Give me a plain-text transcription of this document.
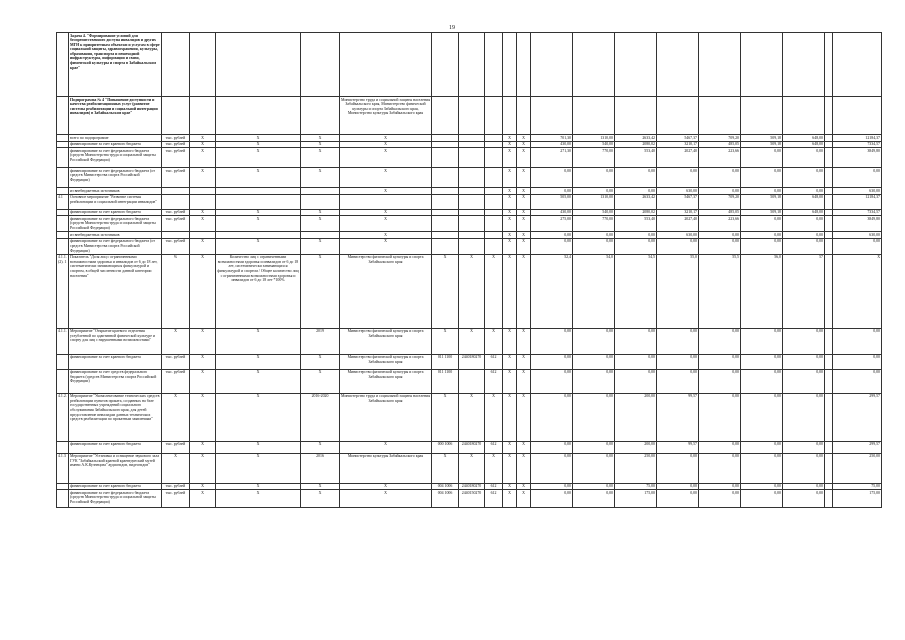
19
	Задача 4. "Формирование условий для беспрепятственного доступа инвалидов и других МГН к приоритетным объектам и услугам в сфере социальной защиты, здравоохранения, культуры, образования, транспорта и пешеходной инфраструктуры, информации и связи, физической культуры и спорта в Забайкальском крае"																			
	Подпрограмма № 4 "Повышение доступности и качества реабилитационных услуг (развитие системы реабилитации и социальной интеграции инвалидов) в Забайкальском крае"					Министерство труда и социальной защиты населения Забайкальского края, Министерство физической культуры и спорта Забайкальского края, Министерство культуры Забайкальского края														
	всего по подпрограмме	тыс. рублей	Х	Х	Х	Х				Х	Х	701,30	1310,00	2633,42	5467,37	709,20	509,18	648,00		12184,37
	финансирование за счет краевого бюджета	тыс. рублей	Х	Х	Х	Х				Х	Х	430,00	540,00	2080,02	3210,17	485,05	509,18	648,00		7334,57
	финансирование за счет федерального бюджета (средств Министерства труда и социальной защиты Российской Федерации)	тыс. рублей	Х	Х	Х	Х				Х	Х	271,30	770,00	553,40	2027,40	223,66	0,00	0,00		3849,80
	финансирование за счет федерального бюджета (от средств Министерства спорта Российской Федерации)	тыс. рублей	Х	Х	Х	Х				Х	Х	0,00	0,00	0,00	0,00	0,00	0,00	0,00		0,00
	из внебюджетных источников					Х				Х	Х	0,00	0,00	0,00	630,00	0,00	0,00	0,00		630,00
4.1	Основное мероприятие "Развитие системы реабилитации и социальной интеграции инвалидов"									Х	Х	505,00	1310,00	2633,42	5467,37	709,20	509,18	648,00		12184,37
	финансирование за счет краевого бюджета	тыс. рублей	Х	Х	Х	Х				Х	Х	430,00	540,00	2080,02	3210,17	485,05	509,18	648,00		7334,57
	финансирование за счет федерального бюджета (средств Министерства труда и социальной защиты Российской Федерации)	тыс. рублей	Х	Х	Х	Х				Х	Х	275,00	770,00	553,40	2027,40	223,66	0,00	0,00		3849,80
	из внебюджетных источников					Х				Х	Х	0,00	0,00	0,00	630,00	0,00	0,00	0,00		630,00
	финансирование за счет федерального бюджета (от средств Министерства спорта Российской Федерации)	тыс. рублей	Х	Х	Х	Х				Х	Х	0,00	0,00	0,00	0,00	0,00	0,00	0,00		0,00
4.1.1. (2). 1	Показатель "Доля лиц с ограниченными возможностями здоровья и инвалидов от 6 до 18 лет, систематически занимающихся физкультурой и спортом, в общей численности данной категории населения"	%	Х	Количество лиц с ограниченными возможностями здоровья и инвалидов от 6 до 18 лет, систематически занимающихся физкультурой и спортом / Общее количество лиц с ограниченными возможностями здоровья и инвалидов от 6 до 18 лет *100%	Х	Министерство физической культуры и спорта Забайкальского края	Х	Х	Х	Х	Х	52,4	54,0	54,5	55,0	55,5	56,0	57		Х
4.1.1.	Мероприятие "Открытие краевого отделения углубленной по адаптивной физической культуре и спорту для лиц с нарушенными возможностями"	Х	Х	Х	2019	Министерство физической культуры и спорта Забайкальского края	Х	Х	Х	Х	Х	0,00	0,00	0,00	0,00	0,00	0,00	0,00		0,00
	финансирование за счет краевого бюджета	тыс. рублей	Х	Х	Х	Министерство физической культуры и спорта Забайкальского края	011 1100	2440180270	612	Х	Х	0,00	0,00	0,00	0,00	0,00	0,00	0,00		0,00
	финансирование за счет средств федерального бюджета (средств Министерства спорта Российской Федерации)	тыс. рублей	Х	Х	Х	Министерство физической культуры и спорта Забайкальского края	011 1100		612	Х	Х	0,00	0,00	0,00	0,00	0,00	0,00	0,00		0,00
4.1.2.	Мероприятие "Укомплектование технических средств реабилитации пунктов проката, созданных на базе государственных учреждений социального обслуживания Забайкальского края, для детей предоставление инвалидам данных технических средств реабилитации по прокатным заявлениям"	Х	Х	Х	2016-2020	Министерство труда и социальной защиты населения Забайкальского края	Х	Х	Х	Х	Х	0,00	0,00	200,00	99,57	0,00	0,00	0,00		299,57
	финансирование за счет краевого бюджета	тыс. рублей	Х	Х	Х	Х	000 1006	2440180270	612	Х	Х	0,00	0,00	200,00	99,57	0,00	0,00	0,00		299,57
4.1.3	Мероприятие "Установка и оснащение звукового зала ГУК "Забайкальский краевой краеведческий музей имени А.К.Кузнецова" аудиогидов, видеогидов"	Х	Х	Х	2016	Министерство культуры Забайкальского края	Х	Х	Х	Х	Х	0,00	0,00	250,00	0,00	0,00	0,00	0,00		250,00
	финансирование за счет краевого бюджета	тыс. рублей	Х	Х	Х	Х	004 1006	2440180270	612	Х	Х	0,00	0,00	75,00	0,00	0,00	0,00	0,00		75,00
	финансирование за счет федерального бюджета (средств Министерства труда и социальной защиты Российской Федерации)	тыс. рублей	Х	Х	Х	Х	004 1006	2440150270	612	Х	Х	0,00	0,00	175,00	0,00	0,00	0,00	0,00		175,00
